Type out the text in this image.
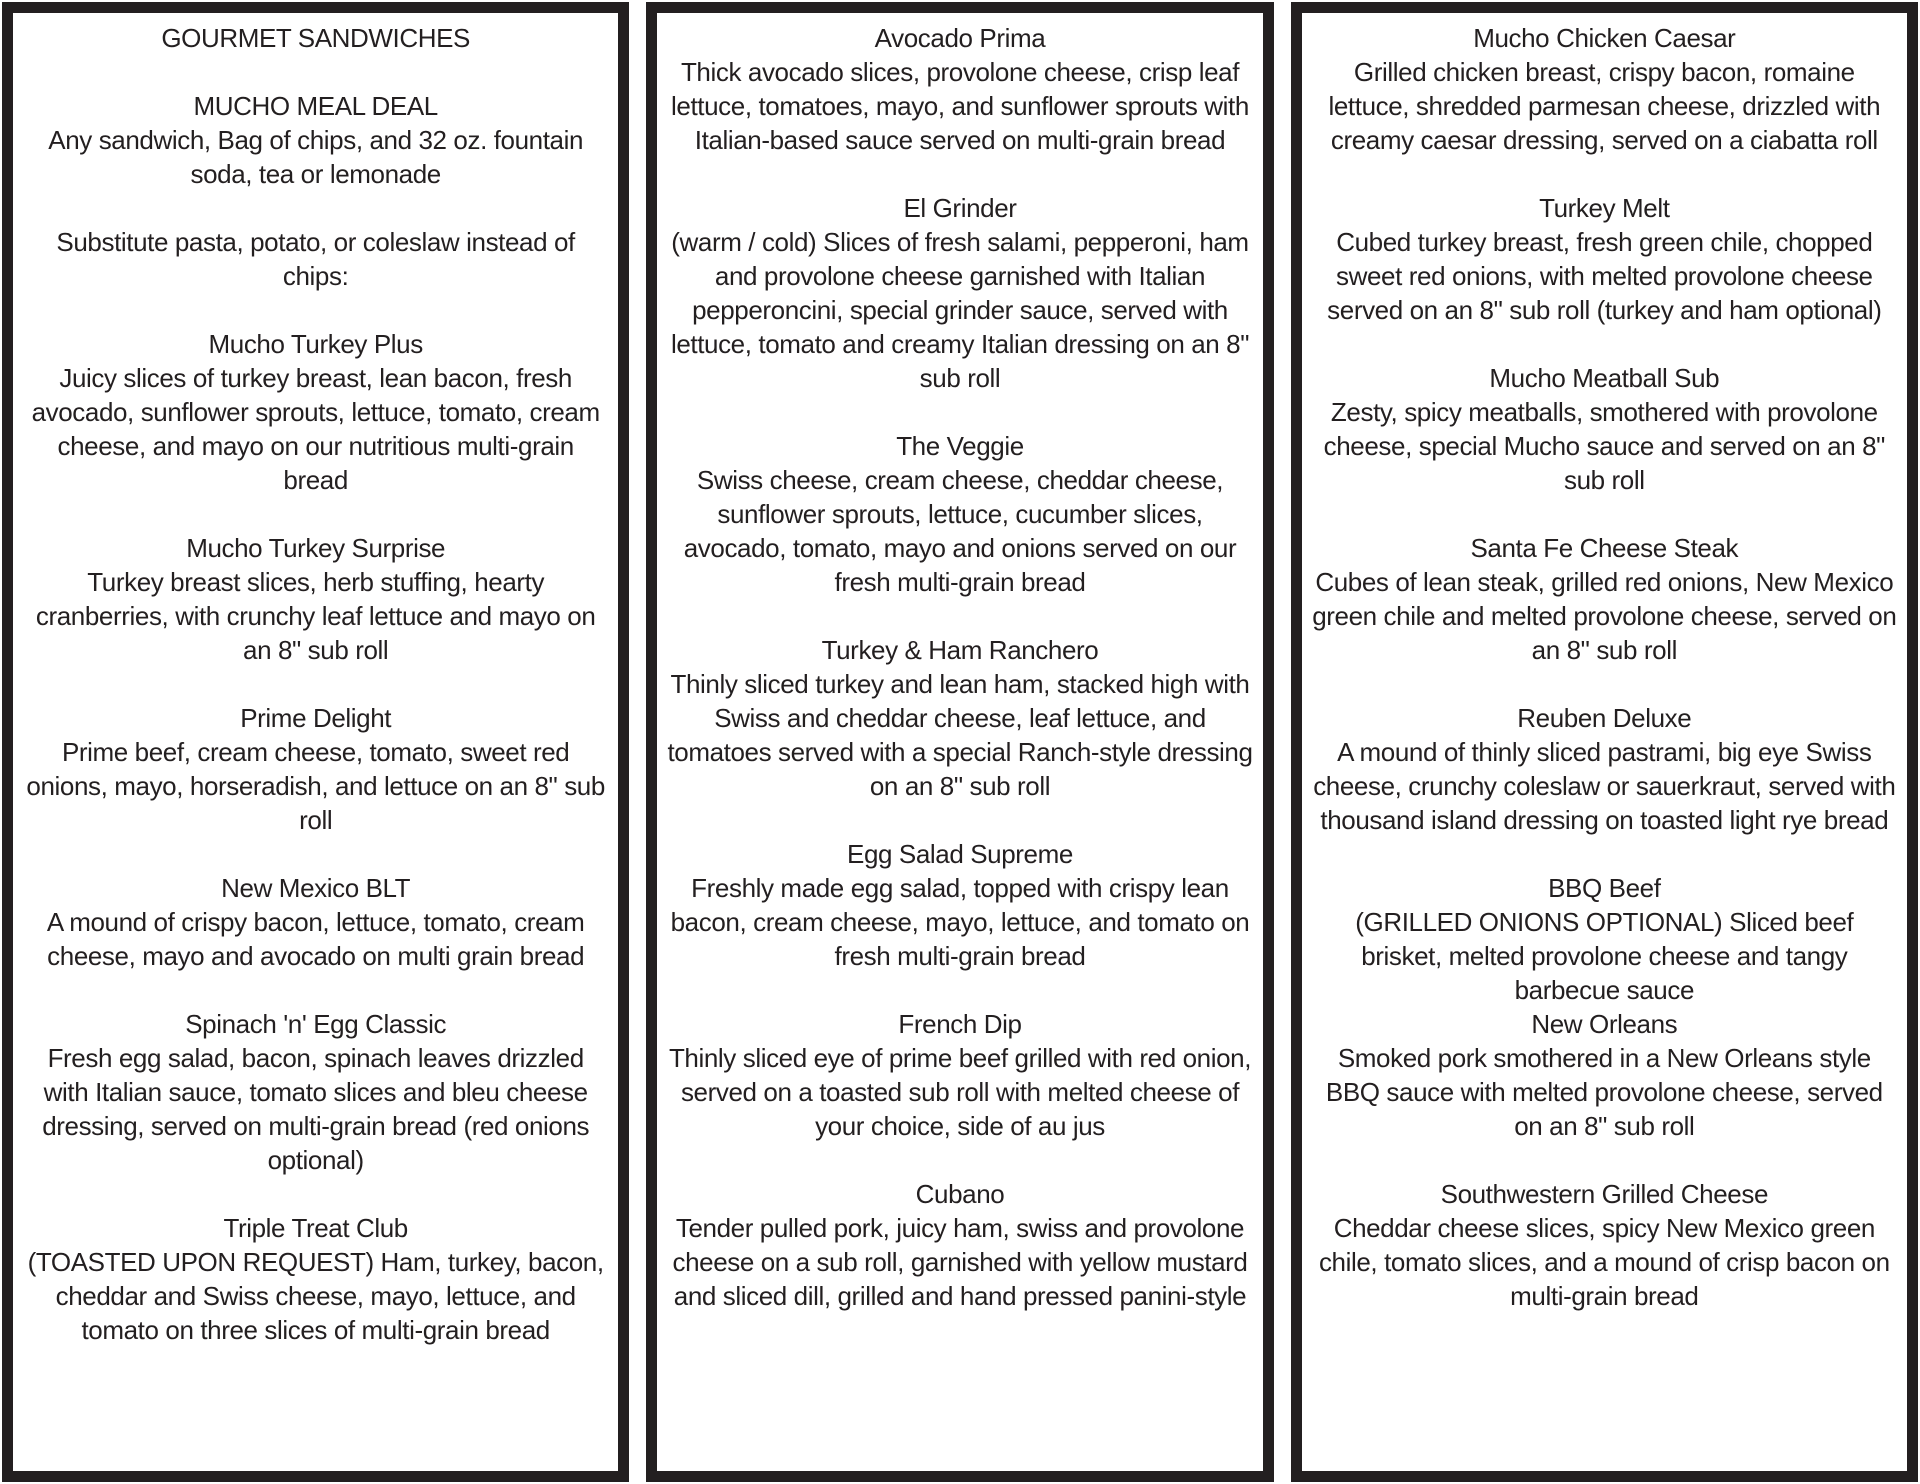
GOURMET SANDWICHES
MUCHO MEAL DEAL
Any sandwich, Bag of chips, and 32 oz. fountain soda, tea or lemonade
Substitute pasta, potato, or coleslaw instead of chips:
Mucho Turkey Plus
Juicy slices of turkey breast, lean bacon, fresh avocado, sunflower sprouts, lettuce, tomato, cream cheese, and mayo on our nutritious multi-grain bread
Mucho Turkey Surprise
Turkey breast slices, herb stuffing, hearty cranberries, with crunchy leaf lettuce and mayo on an 8" sub roll
Prime Delight
Prime beef, cream cheese, tomato, sweet red onions, mayo, horseradish, and lettuce on an 8" sub roll
New Mexico BLT
A mound of crispy bacon, lettuce, tomato, cream cheese, mayo and avocado on multi grain bread
Spinach 'n' Egg Classic
Fresh egg salad, bacon, spinach leaves drizzled with Italian sauce, tomato slices and bleu cheese dressing, served on multi-grain bread (red onions optional)
Triple Treat Club
(TOASTED UPON REQUEST) Ham, turkey, bacon, cheddar and Swiss cheese, mayo, lettuce, and tomato on three slices of multi-grain bread
Avocado Prima
Thick avocado slices, provolone cheese, crisp leaf lettuce, tomatoes, mayo, and sunflower sprouts with Italian-based sauce served on multi-grain bread
El Grinder
(warm / cold) Slices of fresh salami, pepperoni, ham and provolone cheese garnished with Italian pepperoncini, special grinder sauce, served with lettuce, tomato and creamy Italian dressing on an 8" sub roll
The Veggie
Swiss cheese, cream cheese, cheddar cheese, sunflower sprouts, lettuce, cucumber slices, avocado, tomato, mayo and onions served on our fresh multi-grain bread
Turkey & Ham Ranchero
Thinly sliced turkey and lean ham, stacked high with Swiss and cheddar cheese, leaf lettuce, and tomatoes served with a special Ranch-style dressing on an 8" sub roll
Egg Salad Supreme
Freshly made egg salad, topped with crispy lean bacon, cream cheese, mayo, lettuce, and tomato on fresh multi-grain bread
French Dip
Thinly sliced eye of prime beef grilled with red onion, served on a toasted sub roll with melted cheese of your choice, side of au jus
Cubano
Tender pulled pork, juicy ham, swiss and provolone cheese on a sub roll, garnished with yellow mustard and sliced dill, grilled and hand pressed panini-style
Mucho Chicken Caesar
Grilled chicken breast, crispy bacon, romaine lettuce, shredded parmesan cheese, drizzled with creamy caesar dressing, served on a ciabatta roll
Turkey Melt
Cubed turkey breast, fresh green chile, chopped sweet red onions, with melted provolone cheese served on an 8" sub roll (turkey and ham optional)
Mucho Meatball Sub
Zesty, spicy meatballs, smothered with provolone cheese, special Mucho sauce and served on an 8" sub roll
Santa Fe Cheese Steak
Cubes of lean steak, grilled red onions, New Mexico green chile and melted provolone cheese, served on an 8" sub roll
Reuben Deluxe
A mound of thinly sliced pastrami, big eye Swiss cheese, crunchy coleslaw or sauerkraut, served with thousand island dressing on toasted light rye bread
BBQ Beef
(GRILLED ONIONS OPTIONAL) Sliced beef brisket, melted provolone cheese and tangy barbecue sauce
New Orleans
Smoked pork smothered in a New Orleans style BBQ sauce with melted provolone cheese, served on an 8" sub roll
Southwestern Grilled Cheese
Cheddar cheese slices, spicy New Mexico green chile, tomato slices, and a mound of crisp bacon on multi-grain bread
